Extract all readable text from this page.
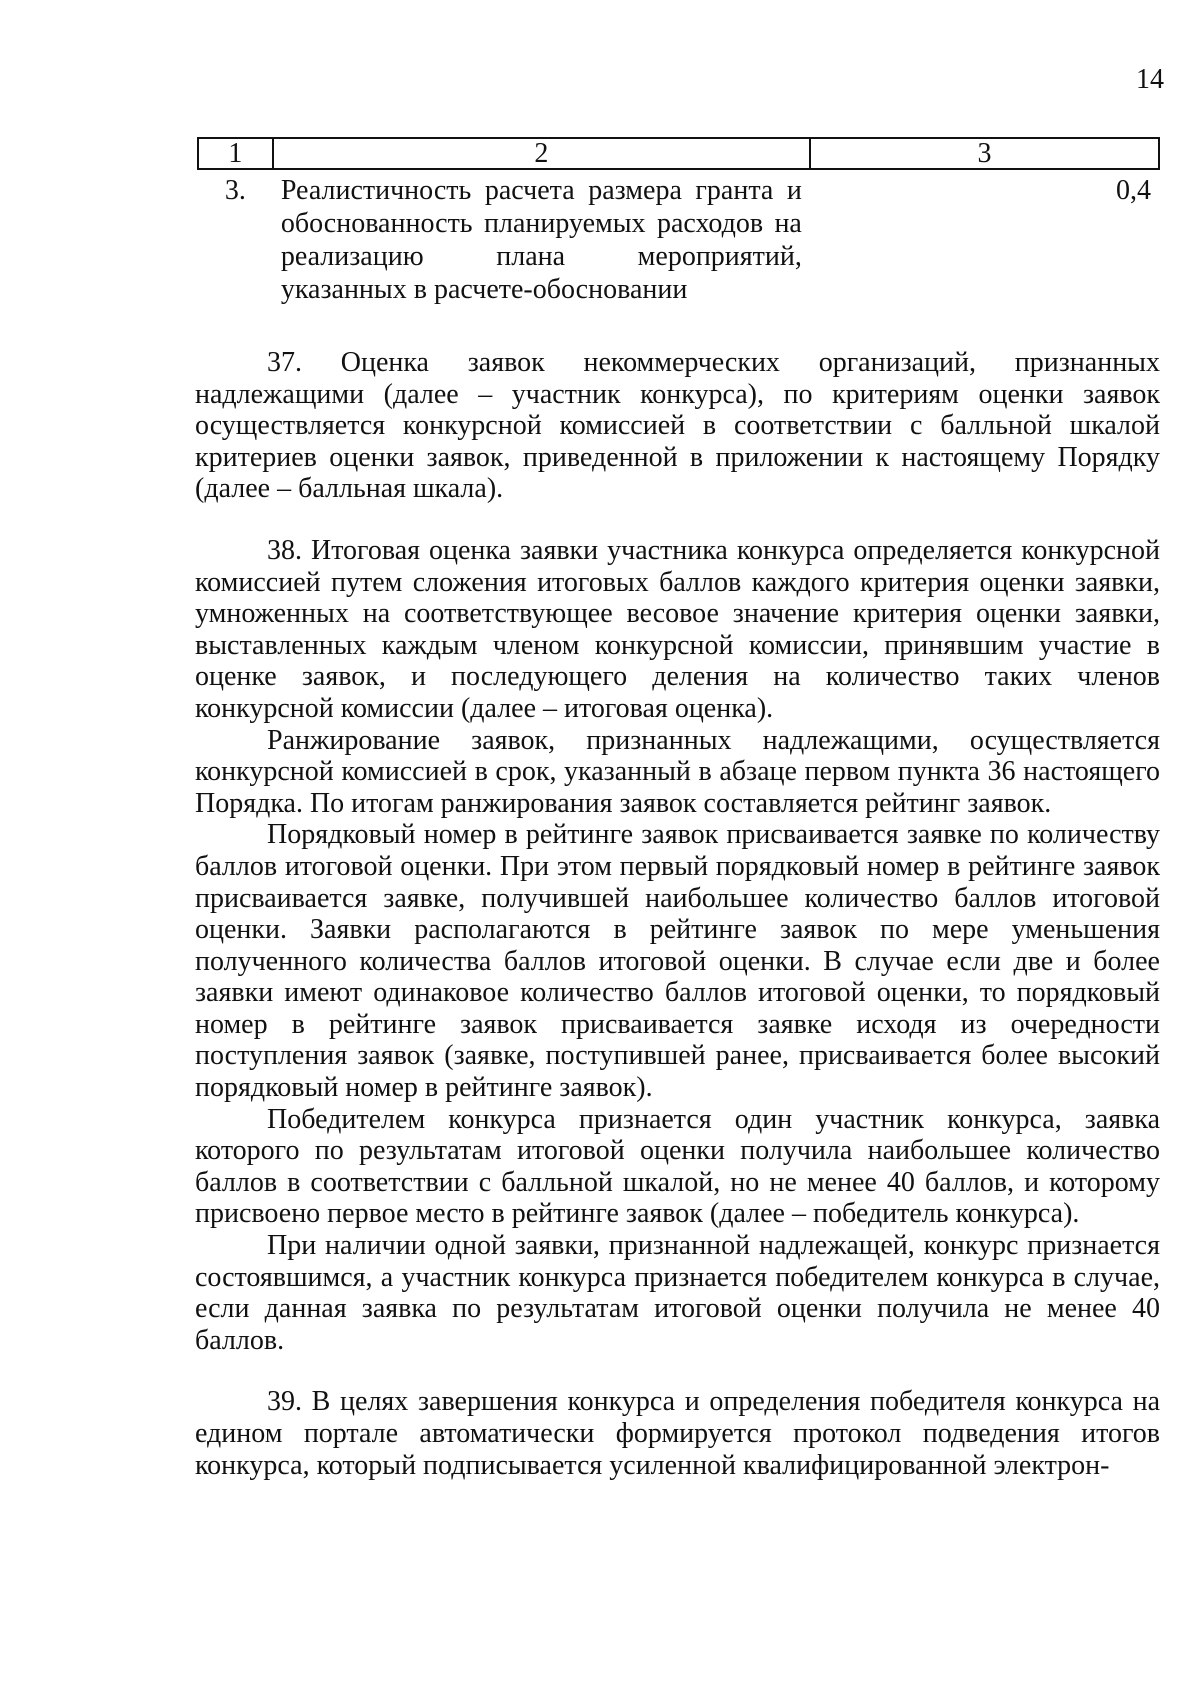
14
1	2	3
3.	Реалистичность расчета размера гранта и обоснованность планируемых расходов на реализацию плана мероприятий, указанных в расчете-обосновании	0,4

37. Оценка заявок некоммерческих организаций, признанных надлежащими (далее – участник конкурса), по критериям оценки заявок осуществляется конкурсной комиссией в соответствии с балльной шкалой критериев оценки заявок, приведенной в приложении к настоящему Порядку (далее – балльная шкала).

38. Итоговая оценка заявки участника конкурса определяется конкурсной комиссией путем сложения итоговых баллов каждого критерия оценки заявки, умноженных на соответствующее весовое значение критерия оценки заявки, выставленных каждым членом конкурсной комиссии, принявшим участие в оценке заявок, и последующего деления на количество таких членов конкурсной комиссии (далее – итоговая оценка).

Ранжирование заявок, признанных надлежащими, осуществляется конкурсной комиссией в срок, указанный в абзаце первом пункта 36 настоящего Порядка. По итогам ранжирования заявок составляется рейтинг заявок.

Порядковый номер в рейтинге заявок присваивается заявке по количеству баллов итоговой оценки. При этом первый порядковый номер в рейтинге заявок присваивается заявке, получившей наибольшее количество баллов итоговой оценки. Заявки располагаются в рейтинге заявок по мере уменьшения полученного количества баллов итоговой оценки. В случае если две и более заявки имеют одинаковое количество баллов итоговой оценки, то порядковый номер в рейтинге заявок присваивается заявке исходя из очередности поступления заявок (заявке, поступившей ранее, присваивается более высокий порядковый номер в рейтинге заявок).

Победителем конкурса признается один участник конкурса, заявка которого по результатам итоговой оценки получила наибольшее количество баллов в соответствии с балльной шкалой, но не менее 40 баллов, и которому присвоено первое место в рейтинге заявок (далее – победитель конкурса).

При наличии одной заявки, признанной надлежащей, конкурс признается состоявшимся, а участник конкурса признается победителем конкурса в случае, если данная заявка по результатам итоговой оценки получила не менее 40 баллов.

39. В целях завершения конкурса и определения победителя конкурса на едином портале автоматически формируется протокол подведения итогов конкурса, который подписывается усиленной квалифицированной электрон-
